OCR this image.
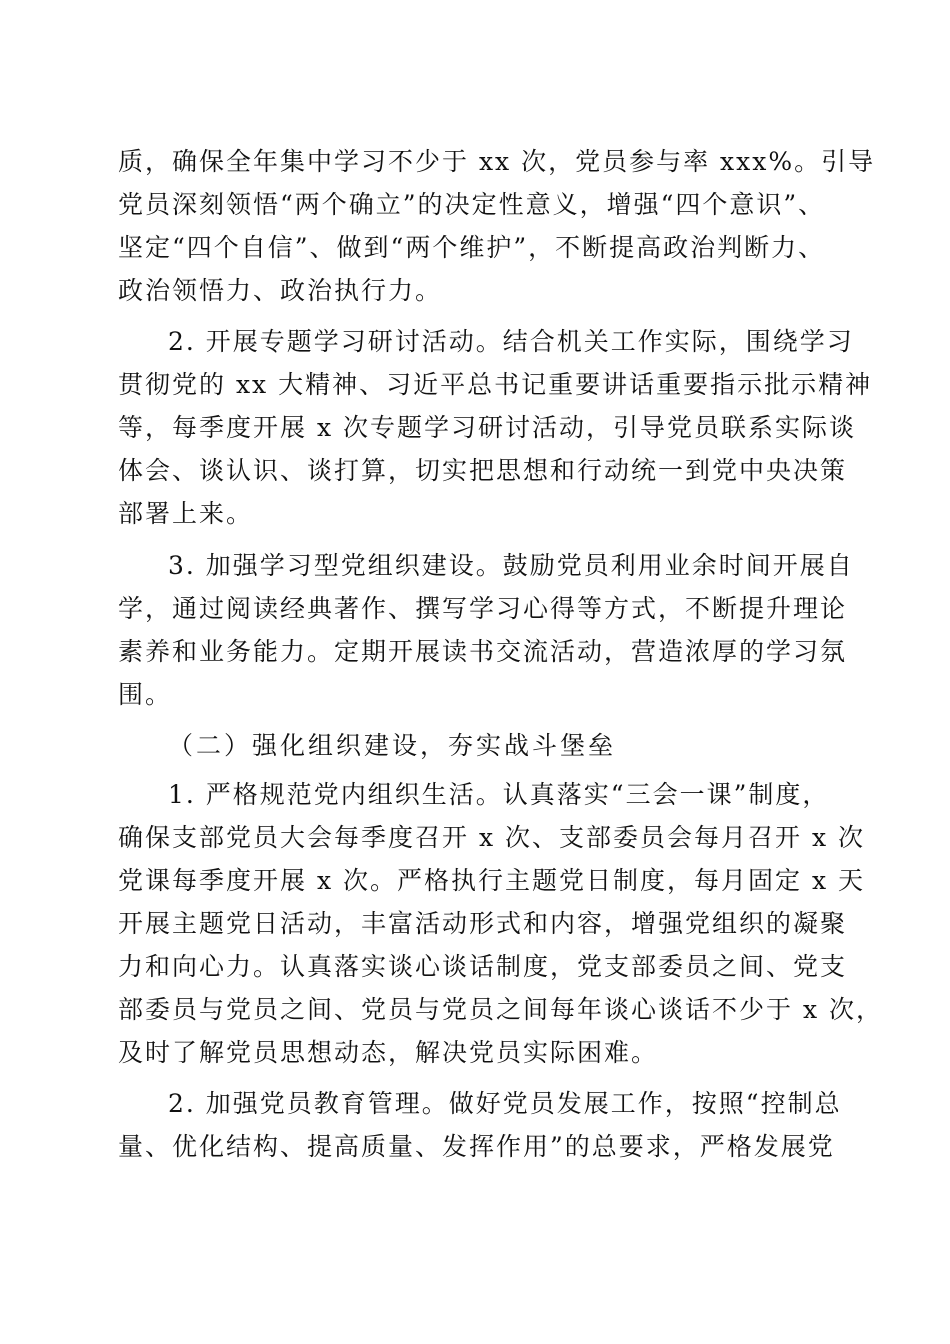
质，确保全年集中学习不少于 xx 次，党员参与率 xxx%。引导
党员深刻领悟“两个确立”的决定性意义，增强“四个意识”、
坚定“四个自信”、做到“两个维护”，不断提高政治判断力、
政治领悟力、政治执行力。
2. 开展专题学习研讨活动。结合机关工作实际，围绕学习
贯彻党的 xx 大精神、习近平总书记重要讲话重要指示批示精神
等，每季度开展 x 次专题学习研讨活动，引导党员联系实际谈
体会、谈认识、谈打算，切实把思想和行动统一到党中央决策
部署上来。
3. 加强学习型党组织建设。鼓励党员利用业余时间开展自
学，通过阅读经典著作、撰写学习心得等方式，不断提升理论
素养和业务能力。定期开展读书交流活动，营造浓厚的学习氛
围。
（二）强化组织建设，夯实战斗堡垒
1. 严格规范党内组织生活。认真落实“三会一课”制度，
确保支部党员大会每季度召开 x 次、支部委员会每月召开 x 次
党课每季度开展 x 次。严格执行主题党日制度，每月固定 x 天
开展主题党日活动，丰富活动形式和内容，增强党组织的凝聚
力和向心力。认真落实谈心谈话制度，党支部委员之间、党支
部委员与党员之间、党员与党员之间每年谈心谈话不少于 x 次，
及时了解党员思想动态，解决党员实际困难。
2. 加强党员教育管理。做好党员发展工作，按照“控制总
量、优化结构、提高质量、发挥作用”的总要求，严格发展党
